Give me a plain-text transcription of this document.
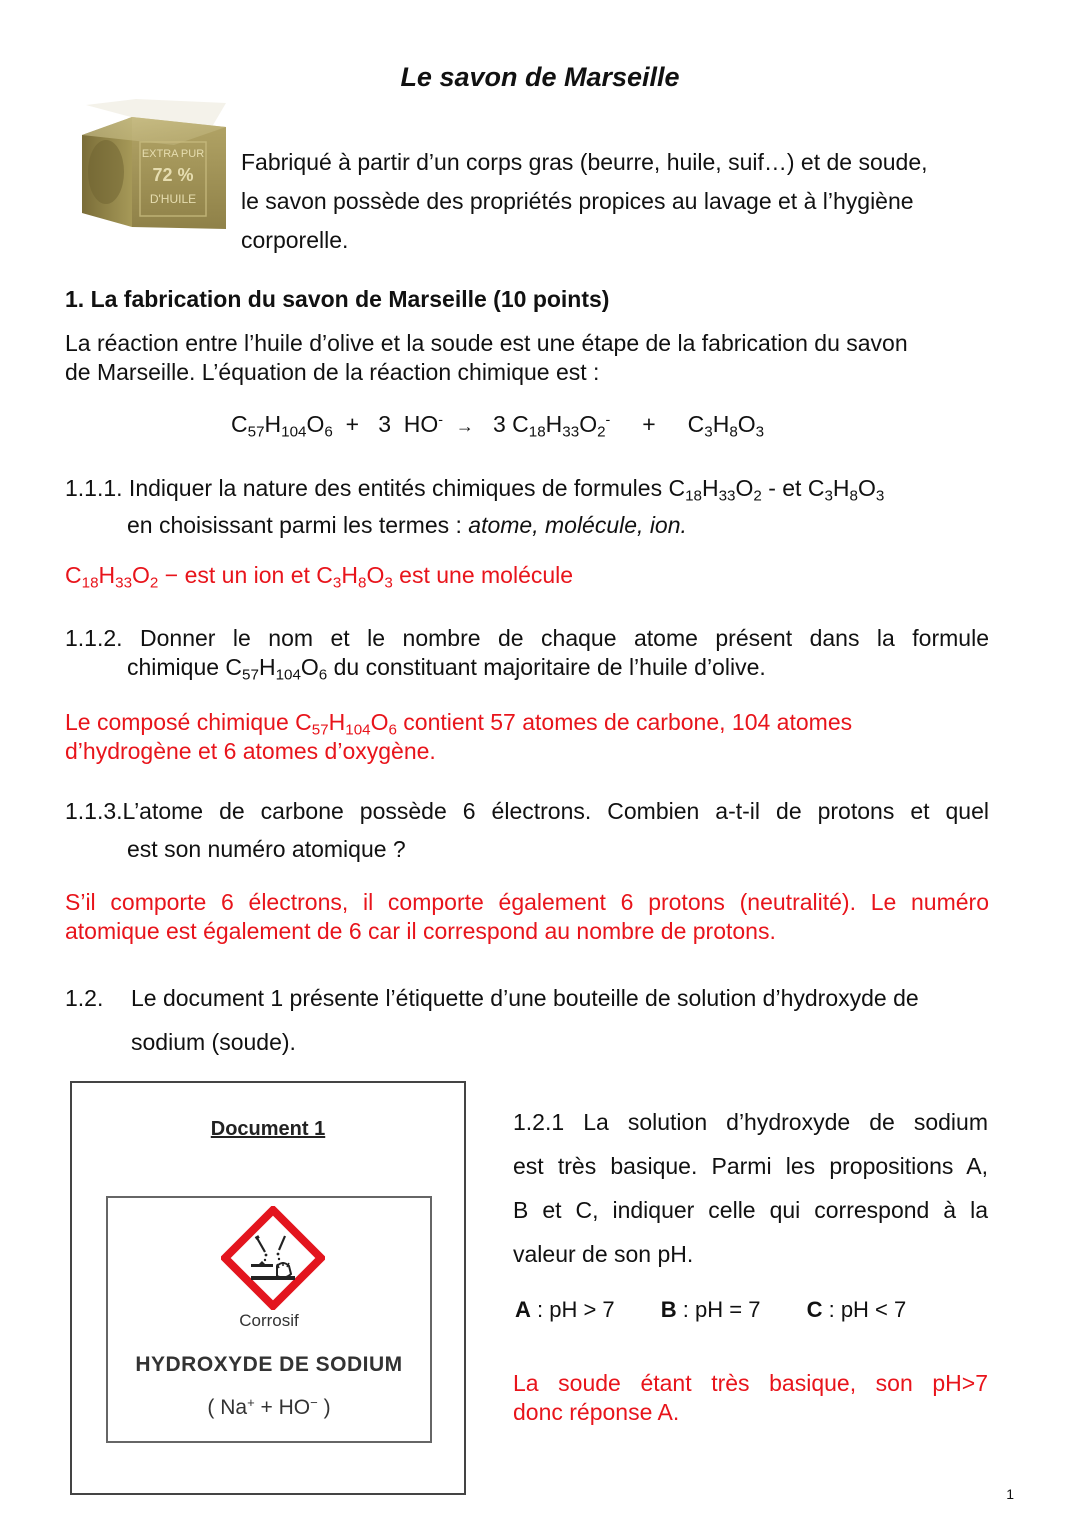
Le savon de Marseille
EXTRA PUR
72 %
D'HUILE
Fabriqué à partir d’un corps gras (beurre, huile, suif…) et de soude,
le savon possède des propriétés propices au lavage et à l’hygiène
corporelle.
1. La fabrication du savon de Marseille (10 points)
La réaction entre l’huile d’olive et la soude est une étape de la fabrication du savon
de Marseille. L’équation de la réaction chimique est :
$C_{57}H_{104}O_6 + 3$  HO- → 3 $C_{18}H_{33}O_2^- + C_3H_8O_3$
1.1.1. Indiquer la nature des entités chimiques de formules $C_{18}H_{33}O_2$ - et $C_3H_8O_3$
en choisissant parmi les termes : atome, molécule, ion.
$C_{18}H_{33}O_2$ − est un ion et $C_3H_8O_3$ est une molécule
1.1.2. Donner le nom et le nombre de chaque atome présent dans la formule
chimique $C_{57}H_{104}O_6$ du constituant majoritaire de l’huile d’olive.
Le composé chimique $C_{57}H_{104}O_6$ contient 57 atomes de carbone, 104 atomes
d’hydrogène et 6 atomes d’oxygène.
1.1.3.L’atome de carbone possède 6 électrons. Combien a-t-il de protons et quel
est son numéro atomique ?
S’il comporte 6 électrons, il comporte également 6 protons (neutralité). Le numéro
atomique est également de 6 car il correspond au nombre de protons.
1.2.	Le document 1 présente l’étiquette d’une bouteille de solution d’hydroxyde de
sodium (soude).
Document 1
Corrosif
HYDROXYDE DE SODIUM
( Na+ + HO− )
1.2.1 La solution d’hydroxyde de sodium
est très basique. Parmi les propositions A,
B et C, indiquer celle qui correspond à la
valeur de son pH.
A : pH > 7 B : pH = 7 C : pH < 7
La soude étant très basique, son pH>7
donc réponse A.
1
